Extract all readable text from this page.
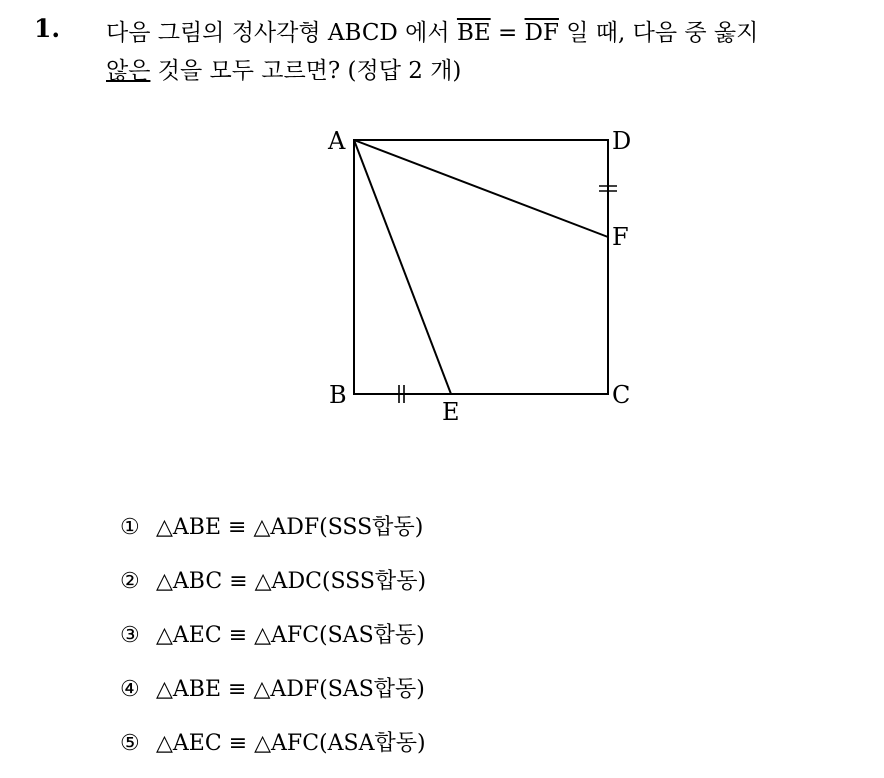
1. 다음 그림의 정사각형 ABCD 에서 $\overline{BE} = \overline{DF}$ 일 때, 다음 중 옳지
않은 것을 모두 고르면? (정답 2 개)
A	D
F
B
E
C
① △ABE ≡ △ADF(SSS합동)
② △ABC ≡ △ADC(SSS합동)
③ △AEC ≡ △AFC(SAS합동)
④ △ABE ≡ △ADF(SAS합동)
⑤ △AEC ≡ △AFC(ASA합동)
